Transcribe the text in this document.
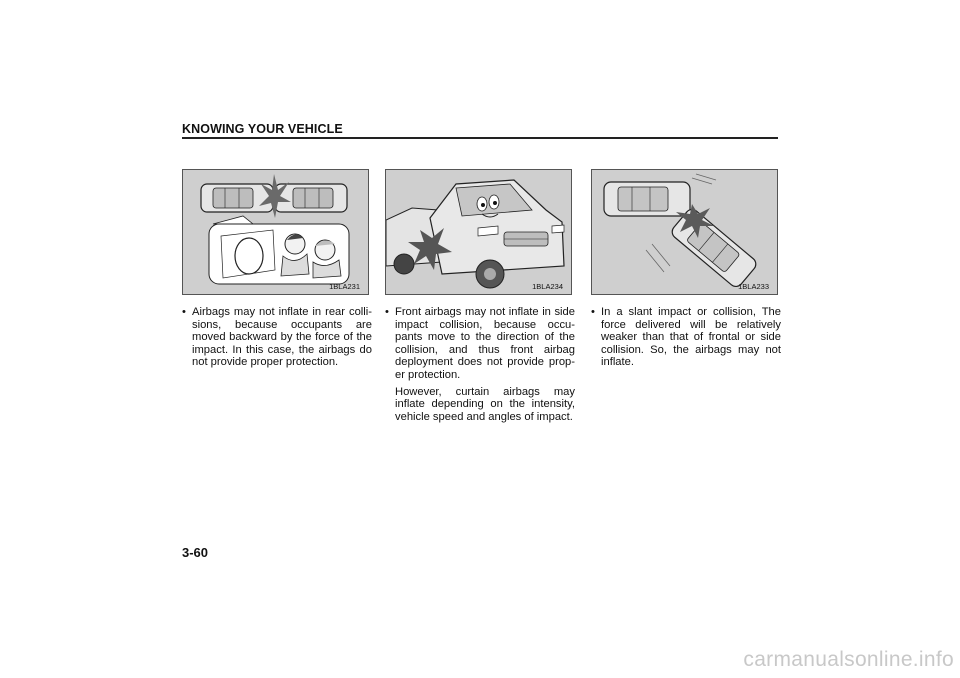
KNOWING YOUR VEHICLE
1BLA231	1BLA234	1BLA233
• Airbags may not inflate in rear colli-sions, because occupants are moved backward by the force of the impact. In this case, the airbags do not provide proper protection.
• Front airbags may not inflate in side impact collision, because occu-pants move to the direction of the collision, and thus front airbag deployment does not provide prop-er protection.
However, curtain airbags may inflate depending on the intensity, vehicle speed and angles of impact.
• In a slant impact or collision, The force delivered will be relatively weaker than that of frontal or side collision. So, the airbags may not inflate.
3-60
carmanualsonline.info
